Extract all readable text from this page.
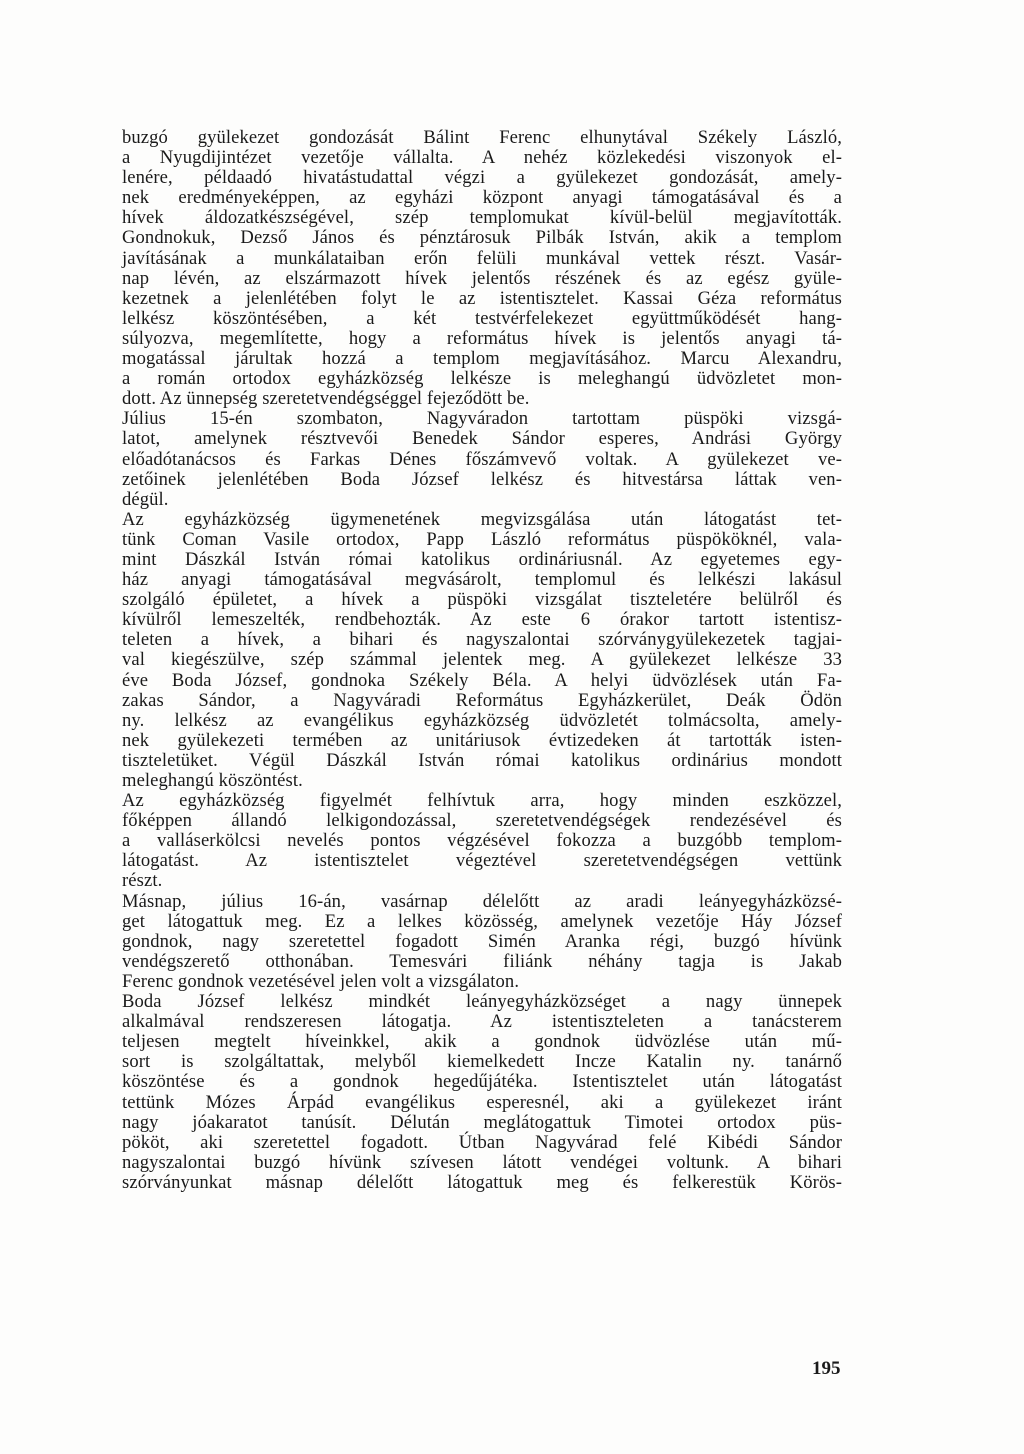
buzgó gyülekezet gondozását Bálint Ferenc elhunytával Székely László,

a Nyugdijintézet vezetője vállalta. A nehéz közlekedési viszonyok el-

lenére, példaadó hivatástudattal végzi a gyülekezet gondozását, amely-

nek eredményeképpen, az egyházi központ anyagi támogatásával és a

hívek áldozatkészségével, szép templomukat kívül-belül megjavították.

Gondnokuk, Dezső János és pénztárosuk Pilbák István, akik a templom

javításának a munkálataiban erőn felüli munkával vettek részt. Vasár-

nap lévén, az elszármazott hívek jelentős részének és az egész gyüle-

kezetnek a jelenlétében folyt le az istentisztelet. Kassai Géza református

lelkész köszöntésében, a két testvérfelekezet együttműködését hang-

súlyozva, megemlítette, hogy a református hívek is jelentős anyagi tá-

mogatással járultak hozzá a templom megjavításához. Marcu Alexandru,

a román ortodox egyházközség lelkésze is meleghangú üdvözletet mon-

dott. Az ünnepség szeretetvendégséggel fejeződött be.

Július 15-én szombaton, Nagyváradon tartottam püspöki vizsgá-

latot, amelynek résztvevői Benedek Sándor esperes, Andrási György

előadótanácsos és Farkas Dénes főszámvevő voltak. A gyülekezet ve-

zetőinek jelenlétében Boda József lelkész és hitvestársa láttak ven-

dégül.

Az egyházközség ügymenetének megvizsgálása után látogatást tet-

tünk Coman Vasile ortodox, Papp László református püspököknél, vala-

mint Dászkál István római katolikus ordináriusnál. Az egyetemes egy-

ház anyagi támogatásával megvásárolt, templomul és lelkészi lakásul

szolgáló épületet, a hívek a püspöki vizsgálat tiszteletére belülről és

kívülről lemeszelték, rendbehozták. Az este 6 órakor tartott istentisz-

teleten a hívek, a bihari és nagyszalontai szórványgyülekezetek tagjai-

val kiegészülve, szép számmal jelentek meg. A gyülekezet lelkésze 33

éve Boda József, gondnoka Székely Béla. A helyi üdvözlések után Fa-

zakas Sándor, a Nagyváradi Református Egyházkerület, Deák Ödön

ny. lelkész az evangélikus egyházközség üdvözletét tolmácsolta, amely-

nek gyülekezeti termében az unitáriusok évtizedeken át tartották isten-

tiszteletüket. Végül Dászkál István római katolikus ordinárius mondott

meleghangú köszöntést.

Az egyházközség figyelmét felhívtuk arra, hogy minden eszközzel,

főképpen állandó lelkigondozással, szeretetvendégségek rendezésével és

a valláserkölcsi nevelés pontos végzésével fokozza a buzgóbb templom-

látogatást. Az istentisztelet végeztével szeretetvendégségen vettünk

részt.

Másnap, július 16-án, vasárnap délelőtt az aradi leányegyházközsé-

get látogattuk meg. Ez a lelkes közösség, amelynek vezetője Háy József

gondnok, nagy szeretettel fogadott Simén Aranka régi, buzgó hívünk

vendégszerető otthonában. Temesvári filiánk néhány tagja is Jakab

Ferenc gondnok vezetésével jelen volt a vizsgálaton.

Boda József lelkész mindkét leányegyházközséget a nagy ünnepek

alkalmával rendszeresen látogatja. Az istentiszteleten a tanácsterem

teljesen megtelt híveinkkel, akik a gondnok üdvözlése után mű-

sort is szolgáltattak, melyből kiemelkedett Incze Katalin ny. tanárnő

köszöntése és a gondnok hegedűjátéka. Istentisztelet után látogatást

tettünk Mózes Árpád evangélikus esperesnél, aki a gyülekezet iránt

nagy jóakaratot tanúsít. Délután meglátogattuk Timotei ortodox püs-

pököt, aki szeretettel fogadott. Útban Nagyvárad felé Kibédi Sándor

nagyszalontai buzgó hívünk szívesen látott vendégei voltunk. A bihari

szórványunkat másnap délelőtt látogattuk meg és felkerestük Körös-

195
